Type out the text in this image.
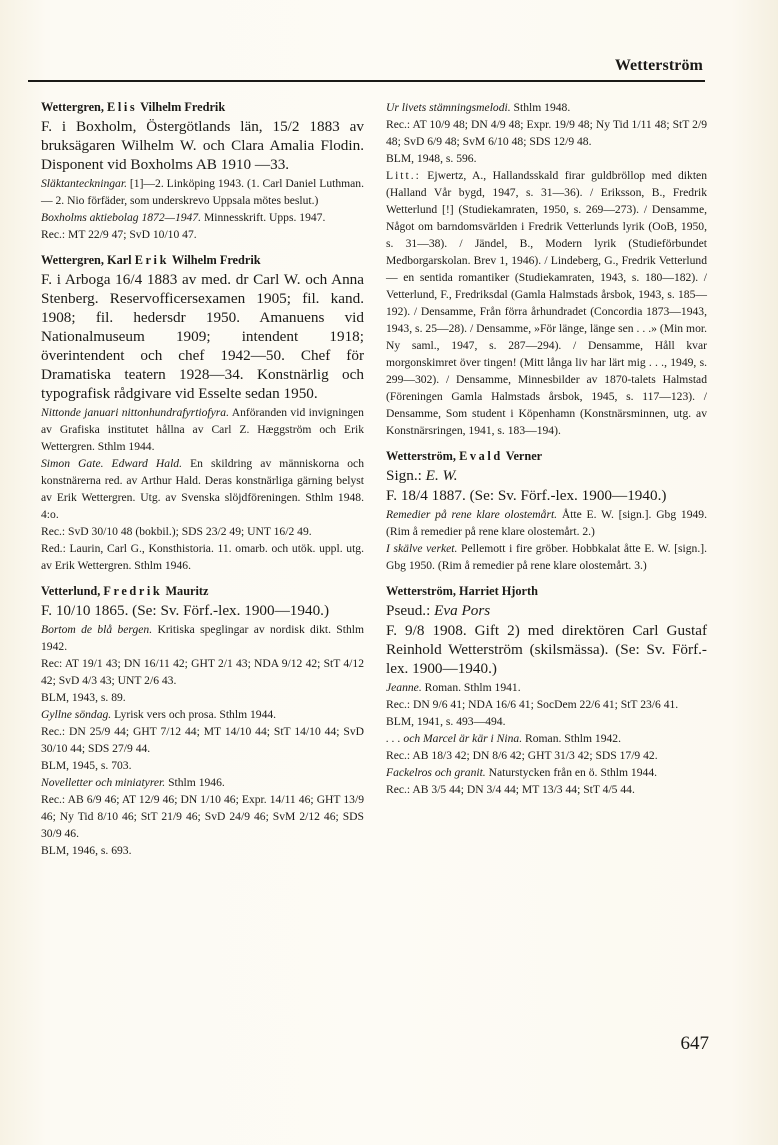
Wetterström
Wettergren, Elis Vilhelm Fredrik
F. i Boxholm, Östergötlands län, 15/2 1883 av bruksägaren Wilhelm W. och Clara Amalia Flodin. Disponent vid Boxholms AB 1910 —33.
Släktanteckningar. [1]—2. Linköping 1943. (1. Carl Daniel Luthman. — 2. Nio förfäder, som underskrevo Uppsala mötes beslut.)
Boxholms aktiebolag 1872—1947. Minnesskrift. Upps. 1947.
Rec.: MT 22/9 47; SvD 10/10 47.
Wettergren, Karl Erik Wilhelm Fredrik
F. i Arboga 16/4 1883 av med. dr Carl W. och Anna Stenberg. Reservofficersexamen 1905; fil. kand. 1908; fil. hedersdr 1950. Amanuens vid Nationalmuseum 1909; intendent 1918; överintendent och chef 1942—50. Chef för Dramatiska teatern 1928—34. Konstnärlig och typografisk rådgivare vid Esselte sedan 1950.
Nittonde januari nittonhundrafyrtiofyra. Anföranden vid invigningen av Grafiska institutet hållna av Carl Z. Hæggström och Erik Wettergren. Sthlm 1944.
Simon Gate. Edward Hald. En skildring av människorna och konstnärerna red. av Arthur Hald. Deras konstnärliga gärning belyst av Erik Wettergren. Utg. av Svenska slöjdföreningen. Sthlm 1948. 4:o.
Rec.: SvD 30/10 48 (bokbil.); SDS 23/2 49; UNT 16/2 49.
Red.: Laurin, Carl G., Konsthistoria. 11. omarb. och utök. uppl. utg. av Erik Wettergren. Sthlm 1946.
Vetterlund, Fredrik Mauritz
F. 10/10 1865. (Se: Sv. Förf.-lex. 1900—1940.)
Bortom de blå bergen. Kritiska speglingar av nordisk dikt. Sthlm 1942.
Rec: AT 19/1 43; DN 16/11 42; GHT 2/1 43; NDA 9/12 42; StT 4/12 42; SvD 4/3 43; UNT 2/6 43.
BLM, 1943, s. 89.
Gyllne söndag. Lyrisk vers och prosa. Sthlm 1944.
Rec.: DN 25/9 44; GHT 7/12 44; MT 14/10 44; StT 14/10 44; SvD 30/10 44; SDS 27/9 44.
BLM, 1945, s. 703.
Novelletter och miniatyrer. Sthlm 1946.
Rec.: AB 6/9 46; AT 12/9 46; DN 1/10 46; Expr. 14/11 46; GHT 13/9 46; Ny Tid 8/10 46; StT 21/9 46; SvD 24/9 46; SvM 2/12 46; SDS 30/9 46.
BLM, 1946, s. 693.
Ur livets stämningsmelodi. Sthlm 1948.
Rec.: AT 10/9 48; DN 4/9 48; Expr. 19/9 48; Ny Tid 1/11 48; StT 2/9 48; SvD 6/9 48; SvM 6/10 48; SDS 12/9 48.
BLM, 1948, s. 596.
Litt.: Ejwertz, A., Hallandsskald firar guldbröllop med dikten (Halland Vår bygd, 1947, s. 31—36). / Eriksson, B., Fredrik Wetterlund [!] (Studiekamraten, 1950, s. 269—273). / Densamme, Något om barndomsvärlden i Fredrik Vetterlunds lyrik (OoB, 1950, s. 31—38). / Jändel, B., Modern lyrik (Studieförbundet Medborgarskolan. Brev 1, 1946). / Lindeberg, G., Fredrik Vetterlund — en sentida romantiker (Studiekamraten, 1943, s. 180—182). / Vetterlund, F., Fredriksdal (Gamla Halmstads årsbok, 1943, s. 185—192). / Densamme, Från förra århundradet (Concordia 1873—1943, 1943, s. 25—28). / Densamme, »För länge, länge sen . . .» (Min mor. Ny saml., 1947, s. 287—294). / Densamme, Håll kvar morgonskimret över tingen! (Mitt långa liv har lärt mig . . ., 1949, s. 299—302). / Densamme, Minnesbilder av 1870-talets Halmstad (Föreningen Gamla Halmstads årsbok, 1945, s. 117—123). / Densamme, Som student i Köpenhamn (Konstnärsminnen, utg. av Konstnärsringen, 1941, s. 183—194).
Wetterström, Evald Verner
Sign.: E. W.
F. 18/4 1887. (Se: Sv. Förf.-lex. 1900—1940.)
Remedier på rene klare olostemårt. Åtte E. W. [sign.]. Gbg 1949. (Rim å remedier på rene klare olostemårt. 2.)
I skälve verket. Pellemott i fire gröber. Hobbkalat åtte E. W. [sign.]. Gbg 1950. (Rim å remedier på rene klare olostemårt. 3.)
Wetterström, Harriet Hjorth
Pseud.: Eva Pors
F. 9/8 1908. Gift 2) med direktören Carl Gustaf Reinhold Wetterström (skilsmässa). (Se: Sv. Förf.-lex. 1900—1940.)
Jeanne. Roman. Sthlm 1941.
Rec.: DN 9/6 41; NDA 16/6 41; SocDem 22/6 41; StT 23/6 41.
BLM, 1941, s. 493—494.
. . . och Marcel är kär i Nina. Roman. Sthlm 1942.
Rec.: AB 18/3 42; DN 8/6 42; GHT 31/3 42; SDS 17/9 42.
Fackelros och granit. Naturstycken från en ö. Sthlm 1944.
Rec.: AB 3/5 44; DN 3/4 44; MT 13/3 44; StT 4/5 44.
647
